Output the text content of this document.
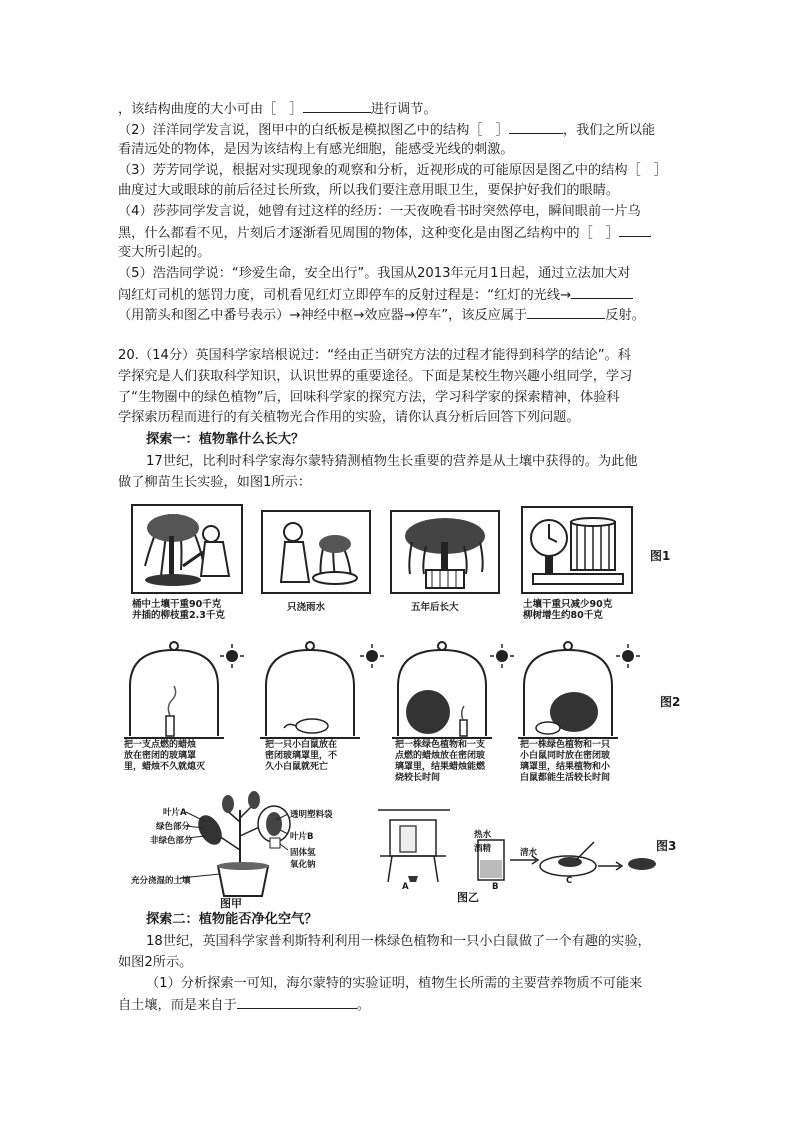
，该结构曲度的大小可由［　］	进行调节。
（2）洋洋同学发言说，图甲中的白纸板是模拟图乙中的结构［　］	，我们之所以能
看清远处的物体，是因为该结构上有感光细胞，能感受光线的刺激。
（3）芳芳同学说，根据对实现现象的观察和分析，近视形成的可能原因是图乙中的结构［　］
曲度过大或眼球的前后径过长所致，所以我们要注意用眼卫生，要保护好我们的眼睛。
（4）莎莎同学发言说，她曾有过这样的经历：一天夜晚看书时突然停电，瞬间眼前一片乌
黑，什么都看不见，片刻后才逐渐看见周围的物体，这种变化是由图乙结构中的［　］
变大所引起的。
（5）浩浩同学说：“珍爱生命，安全出行”。我国从2013年元月1日起，通过立法加大对
闯红灯司机的惩罚力度，司机看见红灯立即停车的反射过程是：“红灯的光线→
（用箭头和图乙中番号表示）→神经中枢→效应器→停车”，该反应属于	反射。
20.（14分）英国科学家培根说过：“经由正当研究方法的过程才能得到科学的结论”。科
学探究是人们获取科学知识，认识世界的重要途径。下面是某校生物兴趣小组同学，学习
了“生物圈中的绿色植物”后，回味科学家的探究方法，学习科学家的探索精神，体验科
学探索历程而进行的有关植物光合作用的实验，请你认真分析后回答下列问题。
探索一：植物靠什么长大？
17世纪，比利时科学家海尔蒙特猜测植物生长重要的营养是从土壤中获得的。为此他
做了柳苗生长实验，如图1所示：
桶中土壤干重90千克
并插的柳枝重2.3千克
只浇雨水	五年后长大	土壤干重只减少90克
柳树增生约80千克
图1
图2
把一支点燃的蜡烛
放在密闭的玻璃罩
里，蜡烛不久就熄灭
把一只小白鼠放在
密闭玻璃罩里，不
久小白鼠就死亡
把一株绿色植物和一支
点燃的蜡烛放在密闭玻
璃罩里，结果蜡烛能燃
烧较长时间
把一株绿色植物和一只
小白鼠同时放在密闭玻
璃罩里，结果植物和小
白鼠都能生活较长时间
叶片A
绿色部分
非绿色部分
充分浇湿的土壤
透明塑料袋
叶片B
固体氢
氧化钠
热水
酒精	清水
A	B
C
图3
图甲	图乙
探索二：植物能否净化空气？
18世纪，英国科学家普利斯特利利用一株绿色植物和一只小白鼠做了一个有趣的实验，
如图2所示。
（1）分析探索一可知，海尔蒙特的实验证明，植物生长所需的主要营养物质不可能来
自土壤，而是来自于	。
